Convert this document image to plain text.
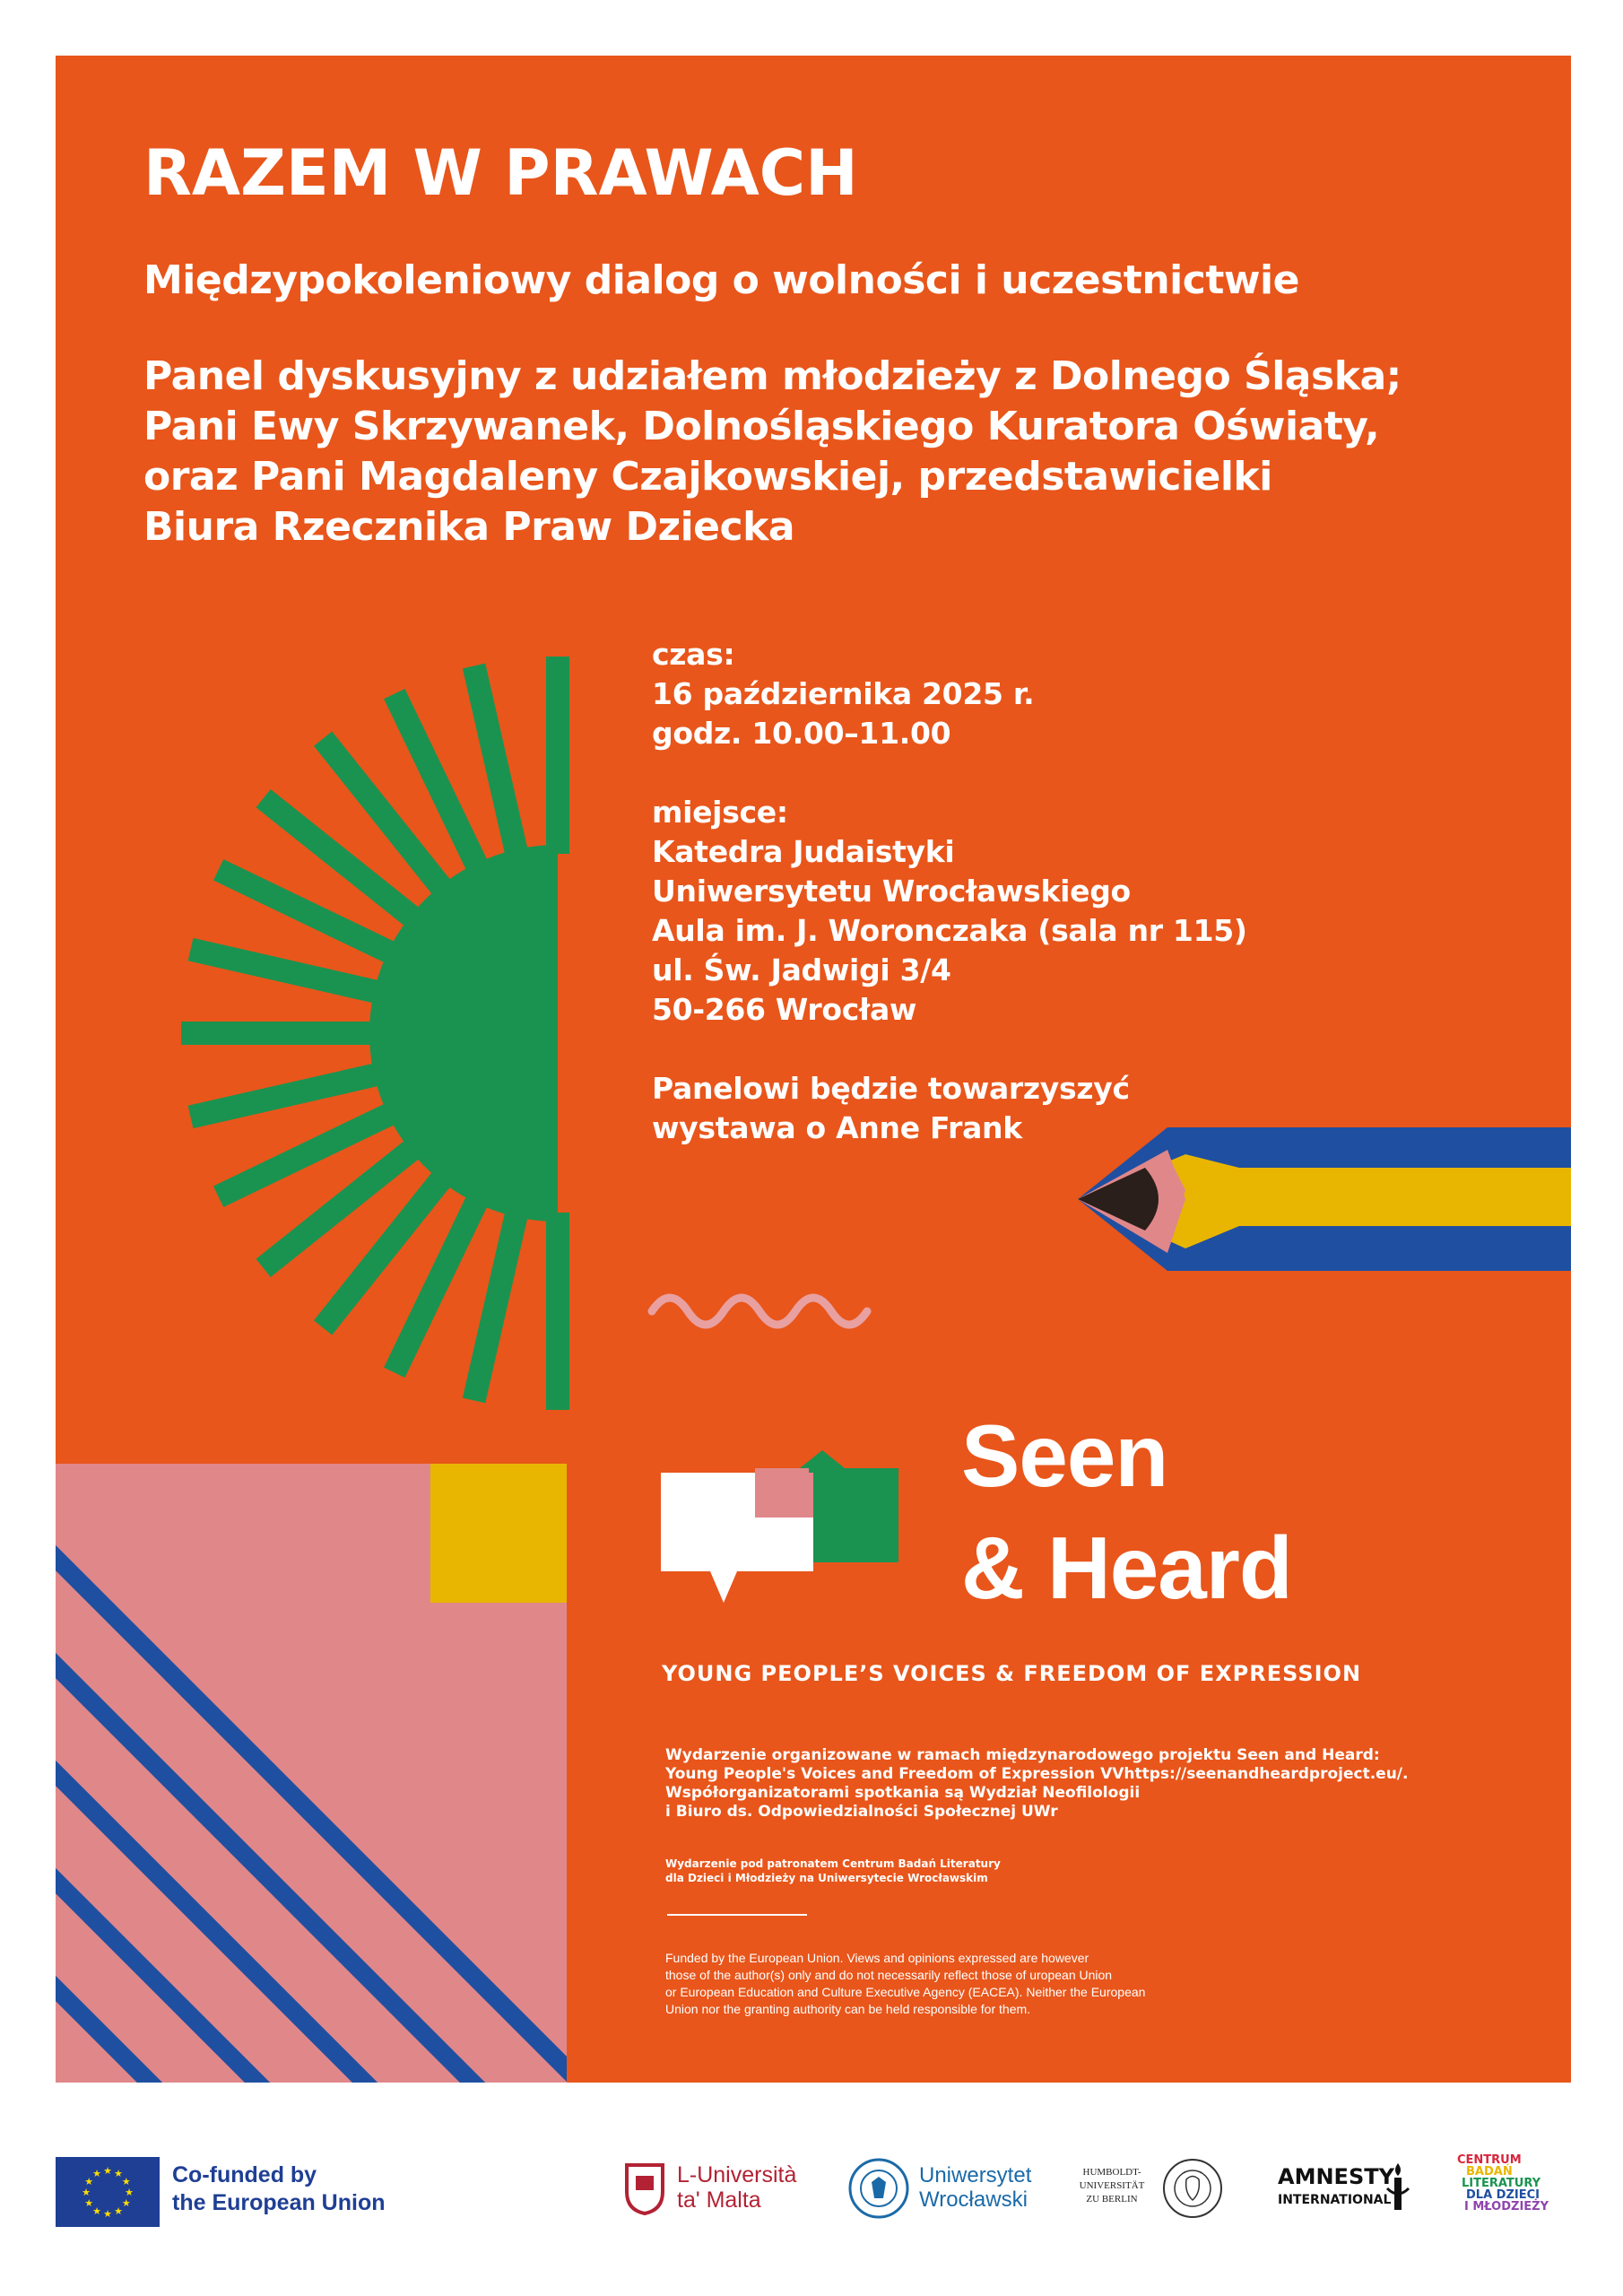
RAZEM W PRAWACH
Międzypokoleniowy dialog o wolności i uczestnictwie
Panel dyskusyjny z udziałem młodzieży z Dolnego Śląska;
Pani Ewy Skrzywanek, Dolnośląskiego Kuratora Oświaty,
oraz Pani Magdaleny Czajkowskiej, przedstawicielki
Biura Rzecznika Praw Dziecka
czas:
16 października 2025 r.
godz. 10.00–11.00
miejsce:
Katedra Judaistyki
Uniwersytetu Wrocławskiego
Aula im. J. Woronczaka (sala nr 115)
ul. Św. Jadwigi 3/4
50-266 Wrocław
Panelowi będzie towarzyszyć
wystawa o Anne Frank
Seen
& Heard
YOUNG PEOPLE’S VOICES & FREEDOM OF EXPRESSION
Wydarzenie organizowane w ramach międzynarodowego projektu Seen and Heard:
Young People's Voices and Freedom of Expression VVhttps://seenandheardproject.eu/.
Współorganizatorami spotkania są Wydział Neofilologii
i Biuro ds. Odpowiedzialności Społecznej UWr
Wydarzenie pod patronatem Centrum Badań Literatury
dla Dzieci i Młodzieży na Uniwersytecie Wrocławskim
Funded by the European Union. Views and opinions expressed are however
those of the author(s) only and do not necessarily reflect those of uropean Union
or European Education and Culture Executive Agency (EACEA). Neither the European
Union nor the granting authority can be held responsible for them.
★
★
★
★
★
★
★
★
★ ★ ★
★ Co-funded by
the European Union
L-Università
ta' Malta
Uniwersytet
Wrocławski
HUMBOLDT-
UNIVERSITÄT
ZU BERLIN
AMNESTY
INTERNATIONAL
CENTRUM
BADAŃ
LITERATURY
DLA DZIECI
I MŁODZIEŻY
